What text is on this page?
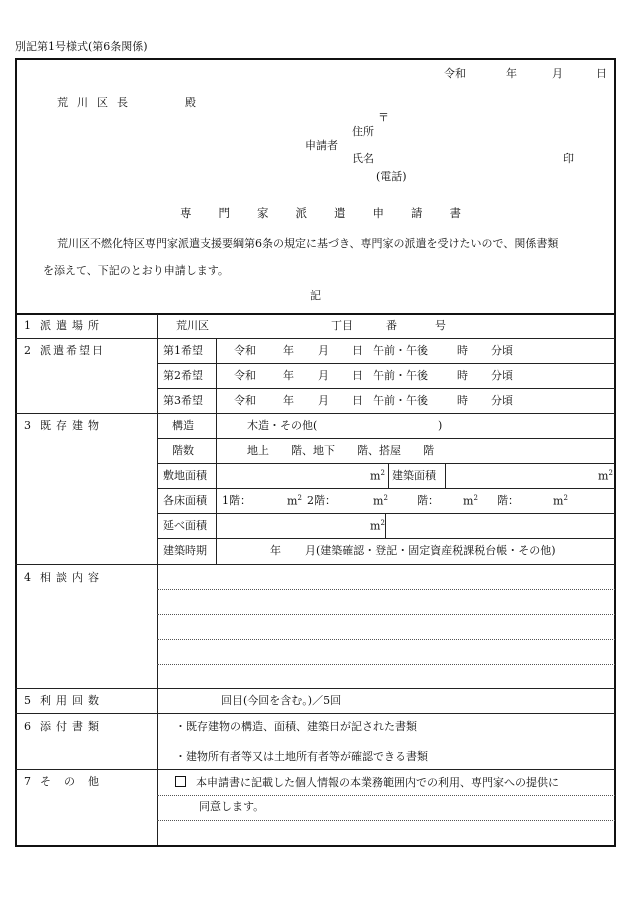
別記第1号様式(第6条関係)
令和	年	月	日
荒川区長	殿
〒
住所
申請者
氏名	印
(電話)
専門家派遣申請書
荒川区不燃化特区専門家派遣支援要綱第6条の規定に基づき、専門家の派遣を受けたいので、関係書類
を添えて、下記のとおり申請します。
記
1 派遣場所	荒川区	丁目	番	号
2 派遣希望日	第1希望	令和 年 月 日 午前・午後	時 分頃
第2希望	令和 年 月 日 午前・午後	時 分頃
第3希望	令和 年 月 日 午前・午後	時 分頃
3 既存建物	構造	木造・その他(	)
階数	地上　　階、地下　　階、搭屋　　階
敷地面積	$m^2$ 建築面積	$m^2$
各床面積 1階：	$m^2$ 2階：	$m^2$	階： $m^2$ 階：	$m^2$
延べ面積	$m^2$
建築時期	年 月(建築確認・登記・固定資産税課税台帳・その他)
4 相談内容
5 利用回数	回目(今回を含む。)／5回
6 添付書類	・既存建物の構造、面積、建築日が記された書類
・建物所有者等又は土地所有者等が確認できる書類
7 その他	本申請書に記載した個人情報の本業務範囲内での利用、専門家への提供に
同意します。
